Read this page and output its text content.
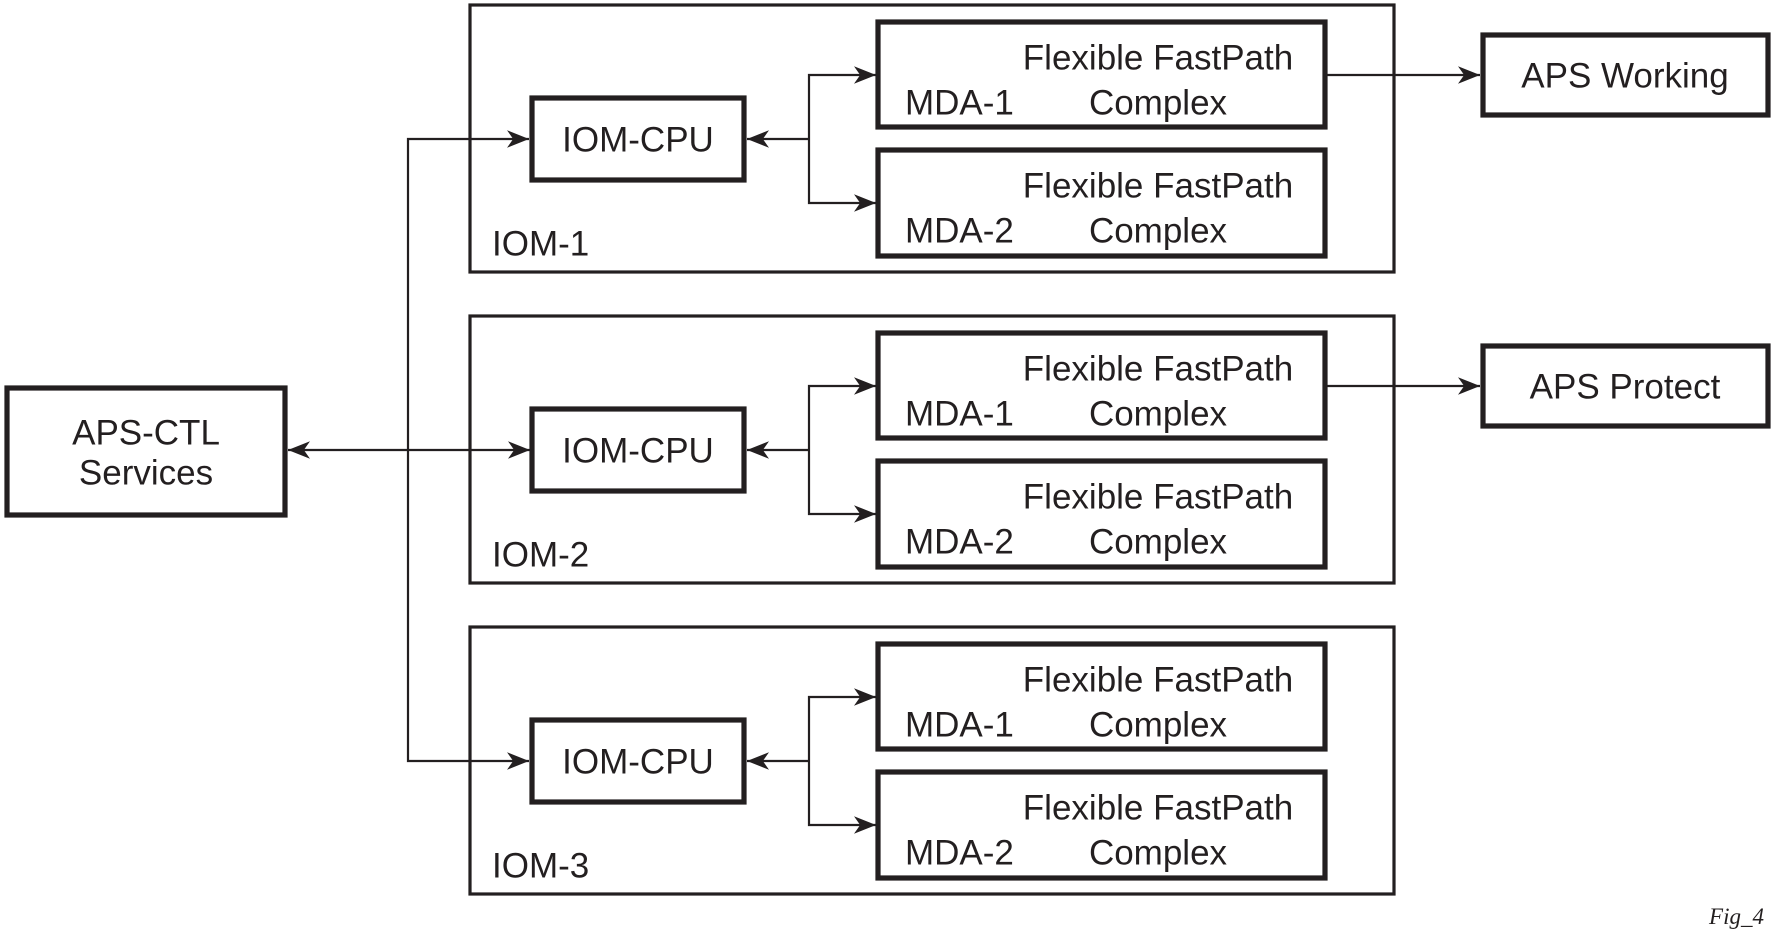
IOM-CPU
Flexible FastPath
Complex
MDA-1
Flexible FastPath
Complex
MDA-2
IOM-1
IOM-CPU
Flexible FastPath
Complex
MDA-1
Flexible FastPath
Complex
MDA-2
IOM-2
IOM-CPU
Flexible FastPath
Complex
MDA-1
Flexible FastPath
Complex
MDA-2
IOM-3
APS-CTL
Services
APS Working
APS Protect
Fig_4
